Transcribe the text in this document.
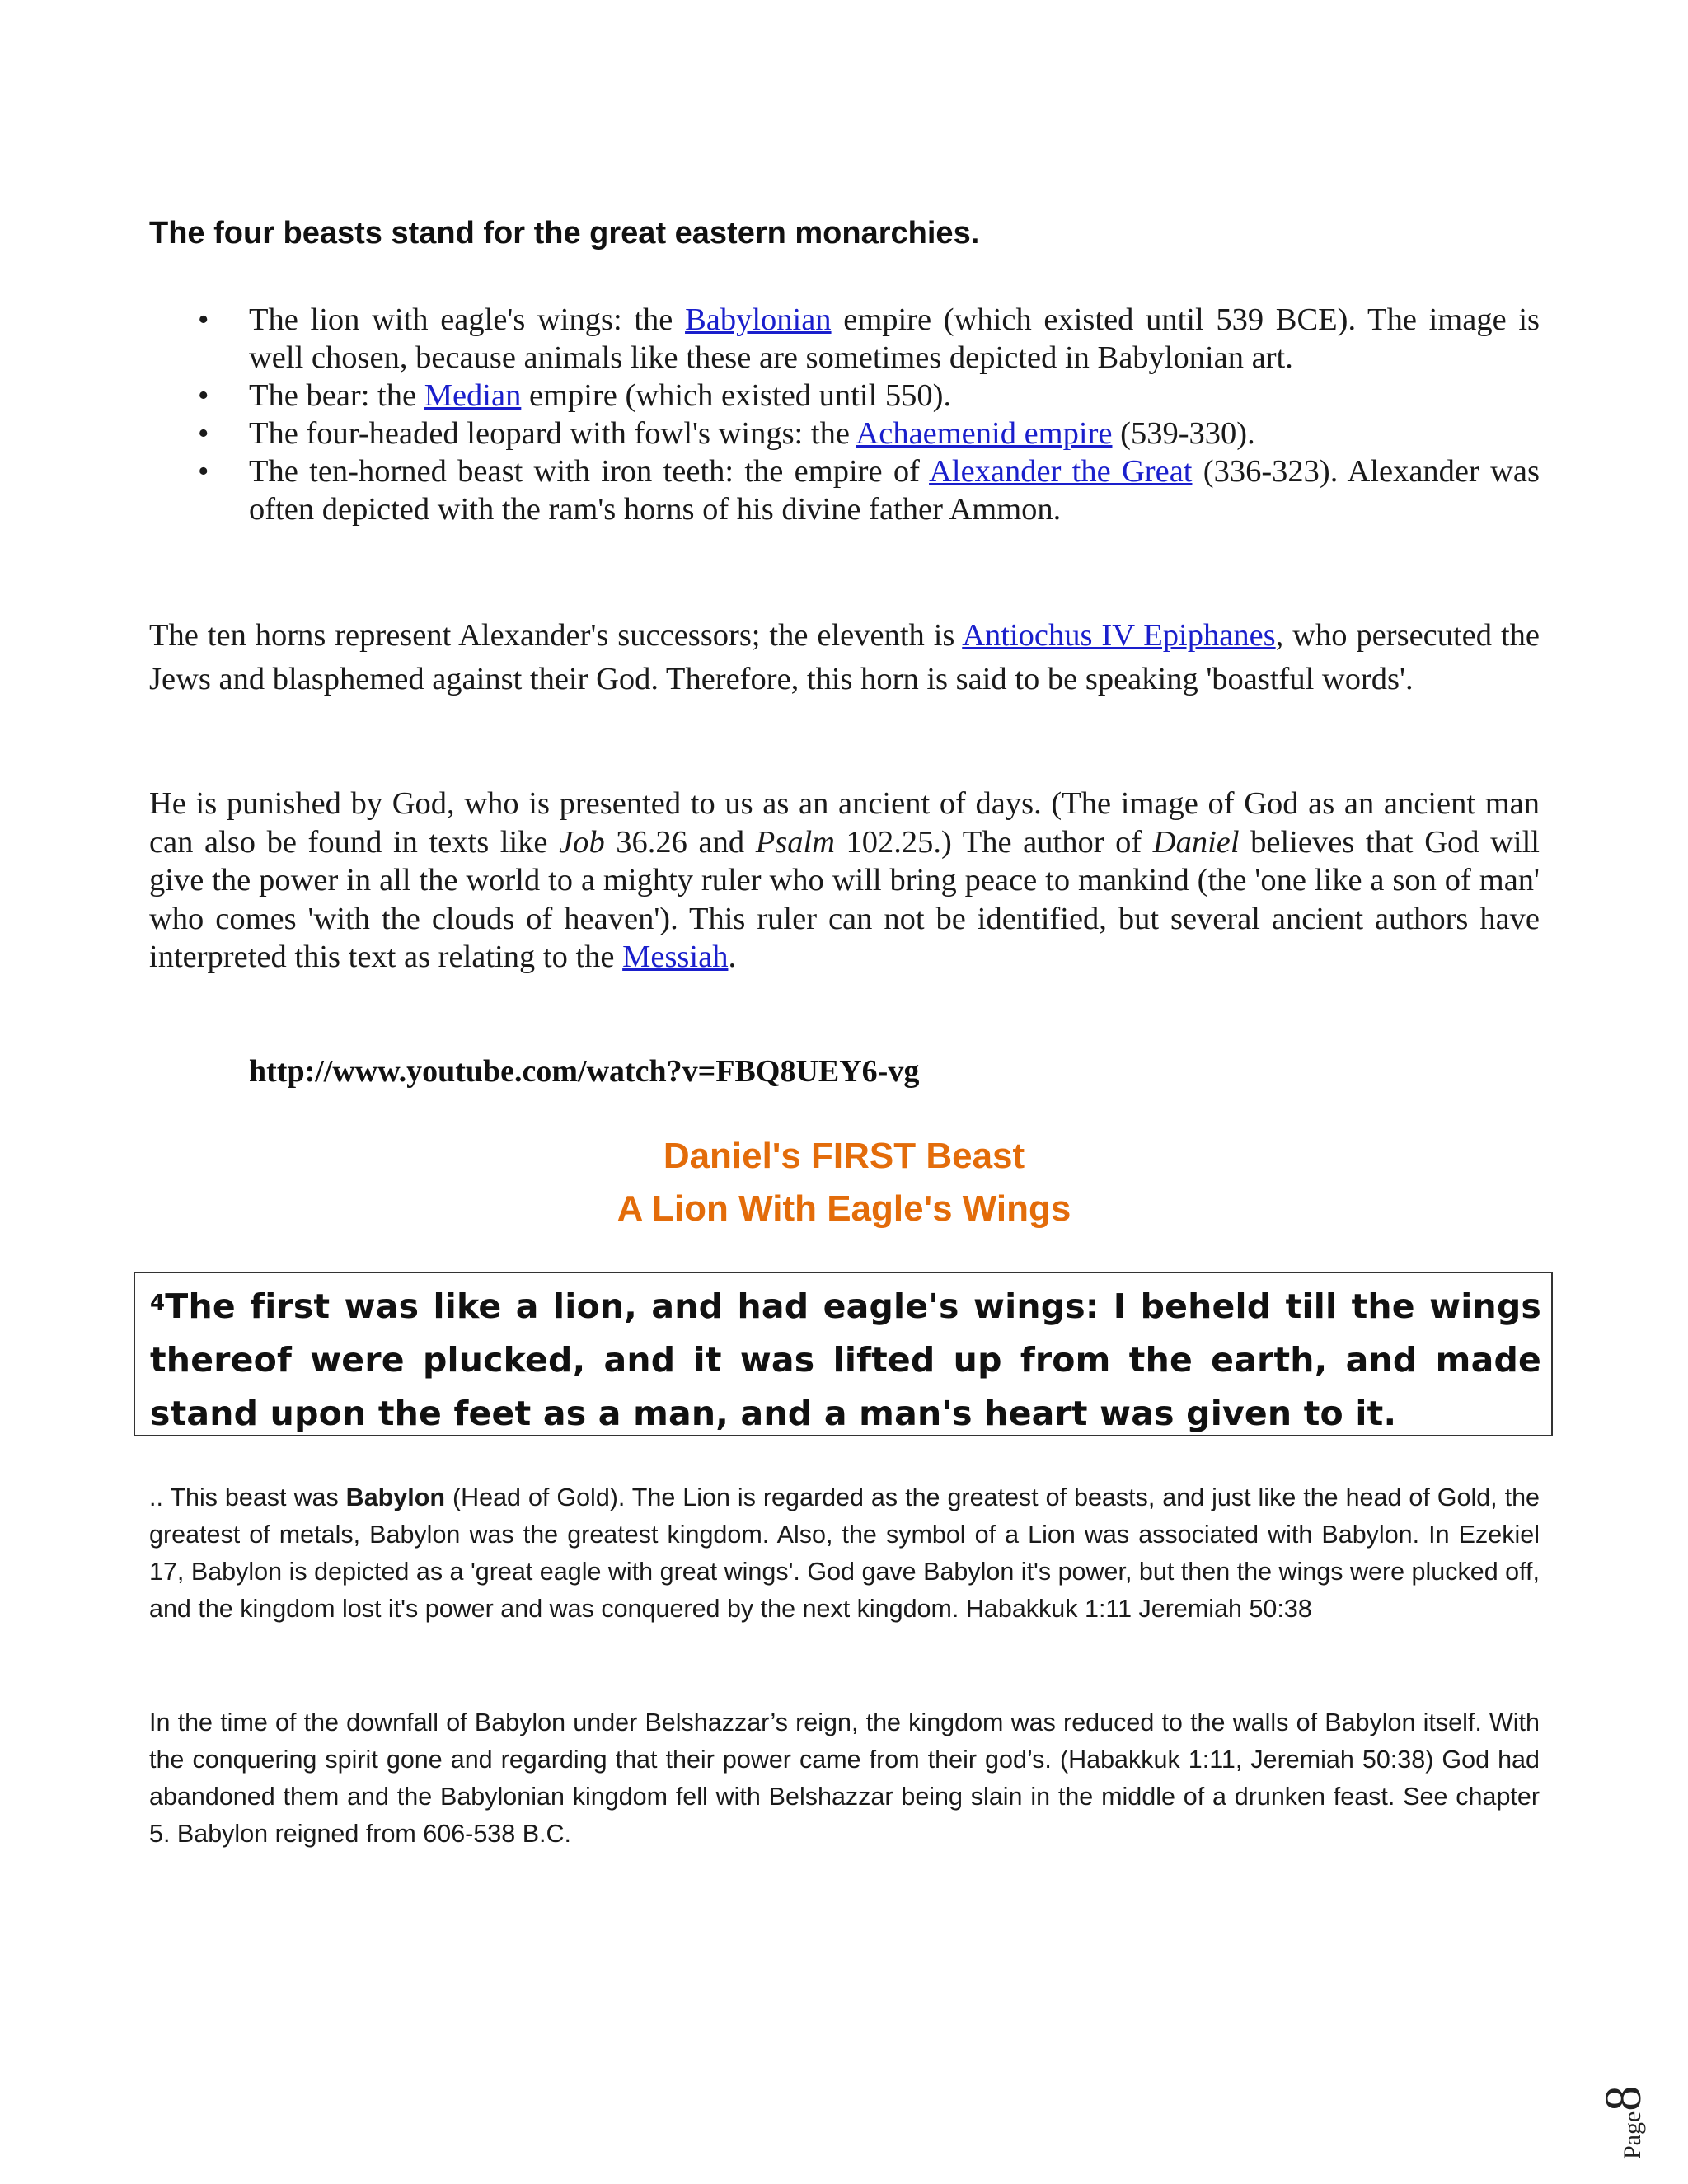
The four beasts stand for the great eastern monarchies.
• The lion with eagle's wings: the Babylonian empire (which existed until 539 BCE). The image is well chosen, because animals like these are sometimes depicted in Babylonian art.
• The bear: the Median empire (which existed until 550).
• The four-headed leopard with fowl's wings: the Achaemenid empire (539-330).
• The ten-horned beast with iron teeth: the empire of Alexander the Great (336-323). Alexander was often depicted with the ram's horns of his divine father Ammon.

The ten horns represent Alexander's successors; the eleventh is Antiochus IV Epiphanes, who persecuted the Jews and blasphemed against their God. Therefore, this horn is said to be speaking 'boastful words'.

He is punished by God, who is presented to us as an ancient of days. (The image of God as an ancient man can also be found in texts like Job 36.26 and Psalm 102.25.) The author of Daniel believes that God will give the power in all the world to a mighty ruler who will bring peace to mankind (the 'one like a son of man' who comes 'with the clouds of heaven'). This ruler can not be identified, but several ancient authors have interpreted this text as relating to the Messiah.

http://www.youtube.com/watch?v=FBQ8UEY6-vg

Daniel's FIRST Beast
A Lion With Eagle's Wings

$^4$The first was like a lion, and had eagle's wings: I beheld till the wings thereof were plucked, and it was lifted up from the earth, and made stand upon the feet as a man, and a man's heart was given to it.

.. This beast was Babylon (Head of Gold). The Lion is regarded as the greatest of beasts, and just like the head of Gold, the greatest of metals, Babylon was the greatest kingdom. Also, the symbol of a Lion was associated with Babylon. In Ezekiel 17, Babylon is depicted as a 'great eagle with great wings'. God gave Babylon it's power, but then the wings were plucked off, and the kingdom lost it's power and was conquered by the next kingdom. Habakkuk 1:11 Jeremiah 50:38

In the time of the downfall of Babylon under Belshazzar’s reign, the kingdom was reduced to the walls of Babylon itself. With the conquering spirit gone and regarding that their power came from their god’s. (Habakkuk 1:11, Jeremiah 50:38) God had abandoned them and the Babylonian kingdom fell with Belshazzar being slain in the middle of a drunken feast. See chapter 5. Babylon reigned from 606-538 B.C.

Page8
